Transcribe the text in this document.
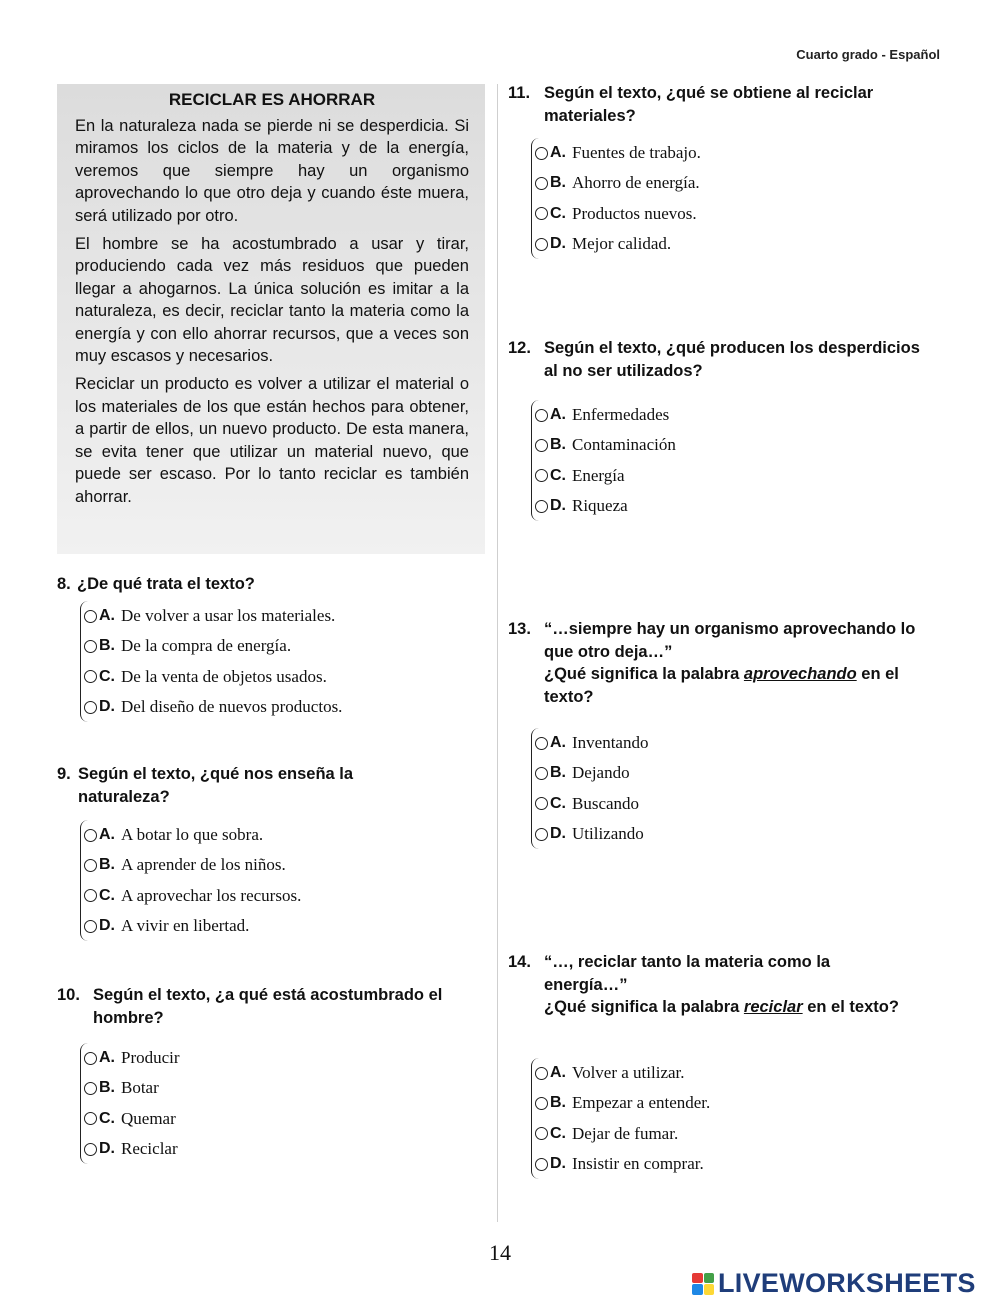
Cuarto grado - Español
RECICLAR ES AHORRAR

En la naturaleza nada se pierde ni se desperdicia. Si miramos los ciclos de la materia y de la energía, veremos que siempre hay un organismo aprovechando lo que otro deja y cuando éste muera, será utilizado por otro.

El hombre se ha acostumbrado a usar y tirar, produciendo cada vez más residuos que pueden llegar a ahogarnos. La única solución es imitar a la naturaleza, es decir, reciclar tanto la materia como la energía y con ello ahorrar recursos, que a veces son muy escasos y necesarios.

Reciclar un producto es volver a utilizar el material o los materiales de los que están hechos para obtener, a partir de ellos, un nuevo producto. De esta manera, se evita tener que utilizar un material nuevo, que puede ser escaso. Por lo tanto reciclar es también ahorrar.

8. ¿De qué trata el texto?
A. De volver a usar los materiales.
B. De la compra de energía.
C. De la venta de objetos usados.
D. Del diseño de nuevos productos.
9. Según el texto, ¿qué nos enseña la naturaleza?
A. A botar lo que sobra.
B. A aprender de los niños.
C. A aprovechar los recursos.
D. A vivir en libertad.
10. Según el texto, ¿a qué está acostumbrado el hombre?
A. Producir
B. Botar
C. Quemar
D. Reciclar
11. Según el texto, ¿qué se obtiene al reciclar materiales?
A. Fuentes de trabajo.
B. Ahorro de energía.
C. Productos nuevos.
D. Mejor calidad.
12. Según el texto, ¿qué producen los desperdicios al no ser utilizados?
A. Enfermedades
B. Contaminación
C. Energía
D. Riqueza
13. “…siempre hay un organismo aprovechando lo que otro deja…”
¿Qué significa la palabra aprovechando en el texto?
A. Inventando
B. Dejando
C. Buscando
D. Utilizando
14. “…, reciclar tanto la materia como la energía…”
¿Qué significa la palabra reciclar en el texto?
A. Volver a utilizar.
B. Empezar a entender.
C. Dejar de fumar.
D. Insistir en comprar.
14
LIVEWORKSHEETS
